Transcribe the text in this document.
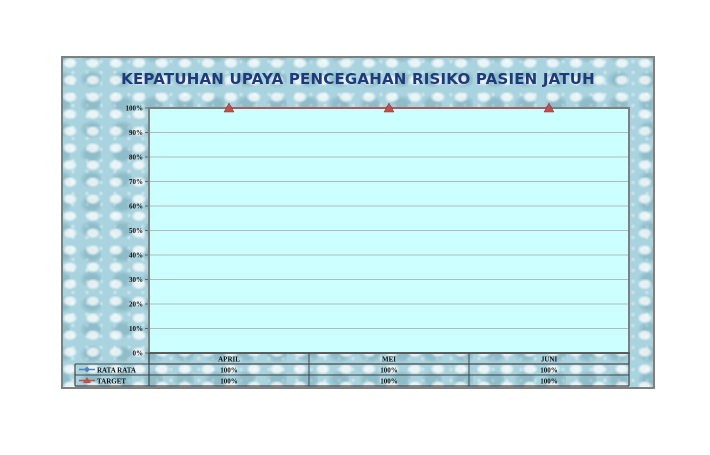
KEPATUHAN UPAYA PENCEGAHAN RISIKO PASIEN JATUH
0%
10%
20%
30%
40%
50%
60%
70%
80%
90%
100%
APRIL	MEI	JUNI
RATA RATA	100%	100%	100%
TARGET	100%	100%	100%
